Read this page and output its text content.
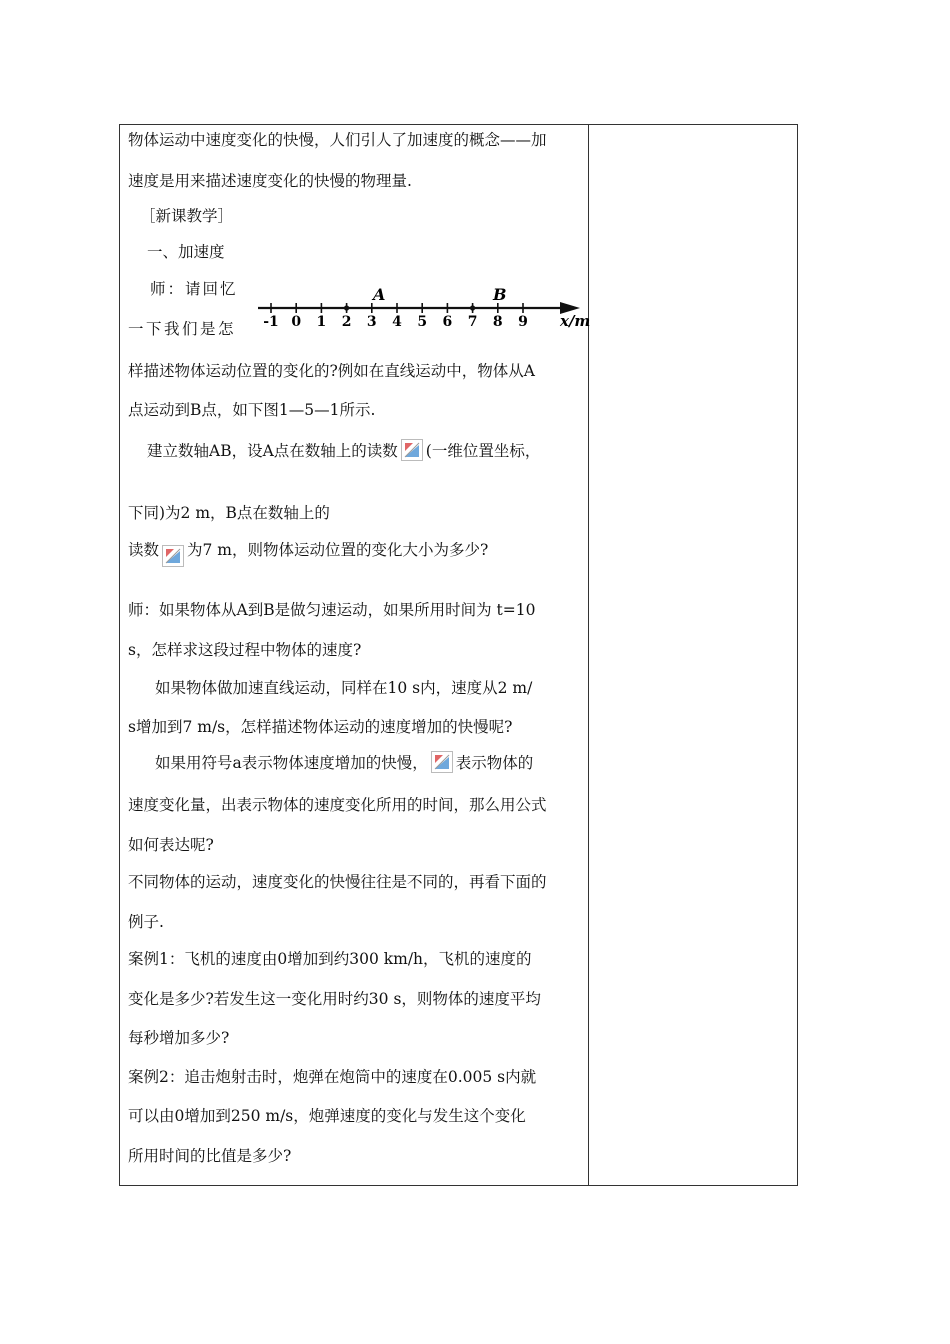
物体运动中速度变化的快慢，人们引人了加速度的概念——加
速度是用来描述速度变化的快慢的物理量.
［新课教学］
一、加速度
师：请回忆
一下我们是怎 -1 0 1 2 3 4 5 6 7 8 9
A	B
x/m
样描述物体运动位置的变化的?例如在直线运动中，物体从A
点运动到B点，如下图1—5—1所示.
建立数轴AB，设A点在数轴上的读数 (一维位置坐标，
下同)为2 m，B点在数轴上的
读数 为7 m，则物体运动位置的变化大小为多少?
师：如果物体从A到B是做匀速运动，如果所用时间为 t=10
s，怎样求这段过程中物体的速度?
如果物体做加速直线运动，同样在10 s内，速度从2 m/
s增加到7 m/s，怎样描述物体运动的速度增加的快慢呢?
如果用符号a表示物体速度增加的快慢， 表示物体的
速度变化量，出表示物体的速度变化所用的时间，那么用公式
如何表达呢?
不同物体的运动，速度变化的快慢往往是不同的，再看下面的
例子.
案例1：飞机的速度由0增加到约300 km/h，飞机的速度的
变化是多少?若发生这一变化用时约30 s，则物体的速度平均
每秒增加多少?
案例2：追击炮射击时，炮弹在炮筒中的速度在0.005 s内就
可以由0增加到250 m/s，炮弹速度的变化与发生这个变化
所用时间的比值是多少?
